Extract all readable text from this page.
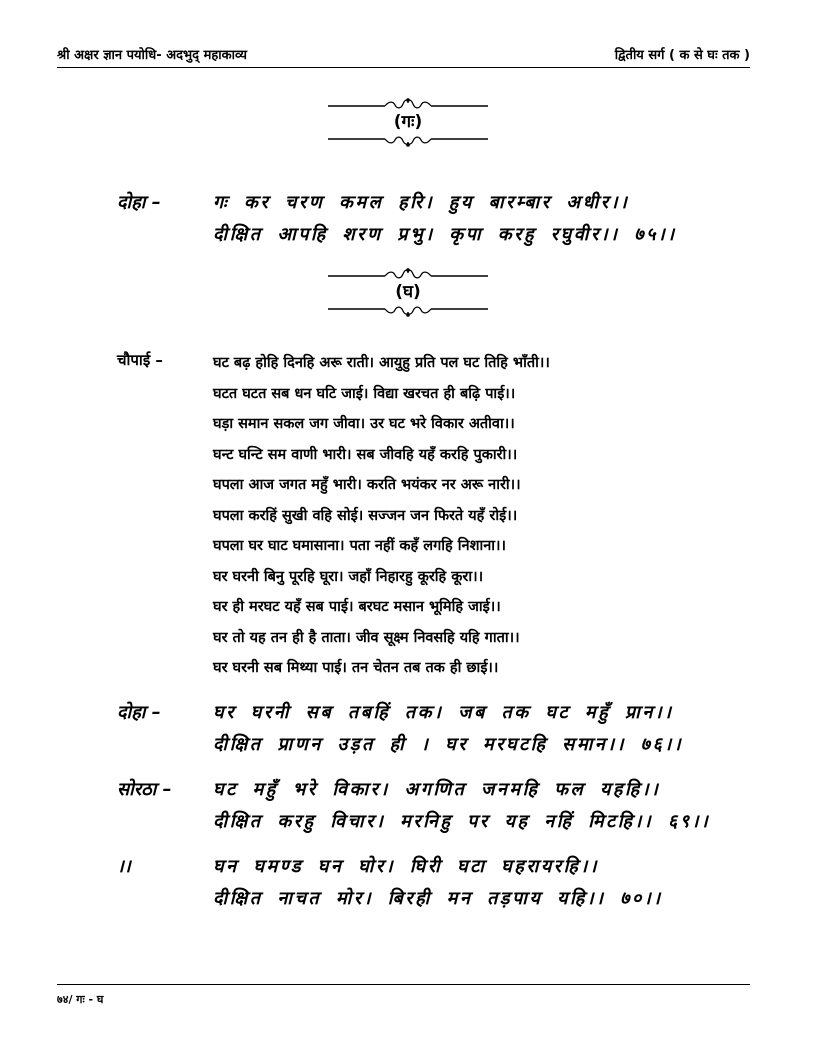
श्री अक्षर ज्ञान पयोधि- अदभुद् महाकाव्य	द्वितीय सर्ग ( क से घः तक )
(गः)
दोहा –	गः कर चरण कमल हरि। हुय बारम्बार अधीर।।
दीक्षित आपहि शरण प्रभु। कृपा करहु रघुवीर।। ७५।।
(घ)
चौपाई –	घट बढ़ होहि दिनहि अरू राती। आयुहु प्रति पल घट तिहि भाँती।।
घटत घटत सब धन घटि जाई। विद्या खरचत ही बढ़ि पाई।।
घड़ा समान सकल जग जीवा। उर घट भरे विकार अतीवा।।
घन्ट घन्टि सम वाणी भारी। सब जीवहि यहँ करहि पुकारी।।
घपला आज जगत महुँ भारी। करति भयंकर नर अरू नारी।।
घपला करहिं सुखी वहि सोई। सज्जन जन फिरते यहँ रोई।।
घपला घर घाट घमासाना। पता नहीं कहँ लगहि निशाना।।
घर घरनी बिनु पूरहि घूरा। जहाँ निहारहु कूरहि कूरा।।
घर ही मरघट यहँ सब पाई। बरघट मसान भूमिहि जाई।।
घर तो यह तन ही है ताता। जीव सूक्ष्म निवसहि यहि गाता।।
घर घरनी सब मिथ्या पाई। तन चेतन तब तक ही छाई।।
दोहा –	घर घरनी सब तबहिं तक। जब तक घट महुँ प्रान।।
दीक्षित प्राणन उड़त ही । घर मरघटहि समान।। ७६।।
सोरठा – घट महुँ भरे विकार। अगणित जनमहि फल यहहि।।
दीक्षित करहु विचार। मरनिहु पर यह नहिं मिटहि।। ६९।।
।।	घन घमण्ड घन घोर। घिरी घटा घहरायरहि।।
दीक्षित नाचत मोर। बिरही मन तड़पाय यहि।। ७०।।
७४/ गः - घ
